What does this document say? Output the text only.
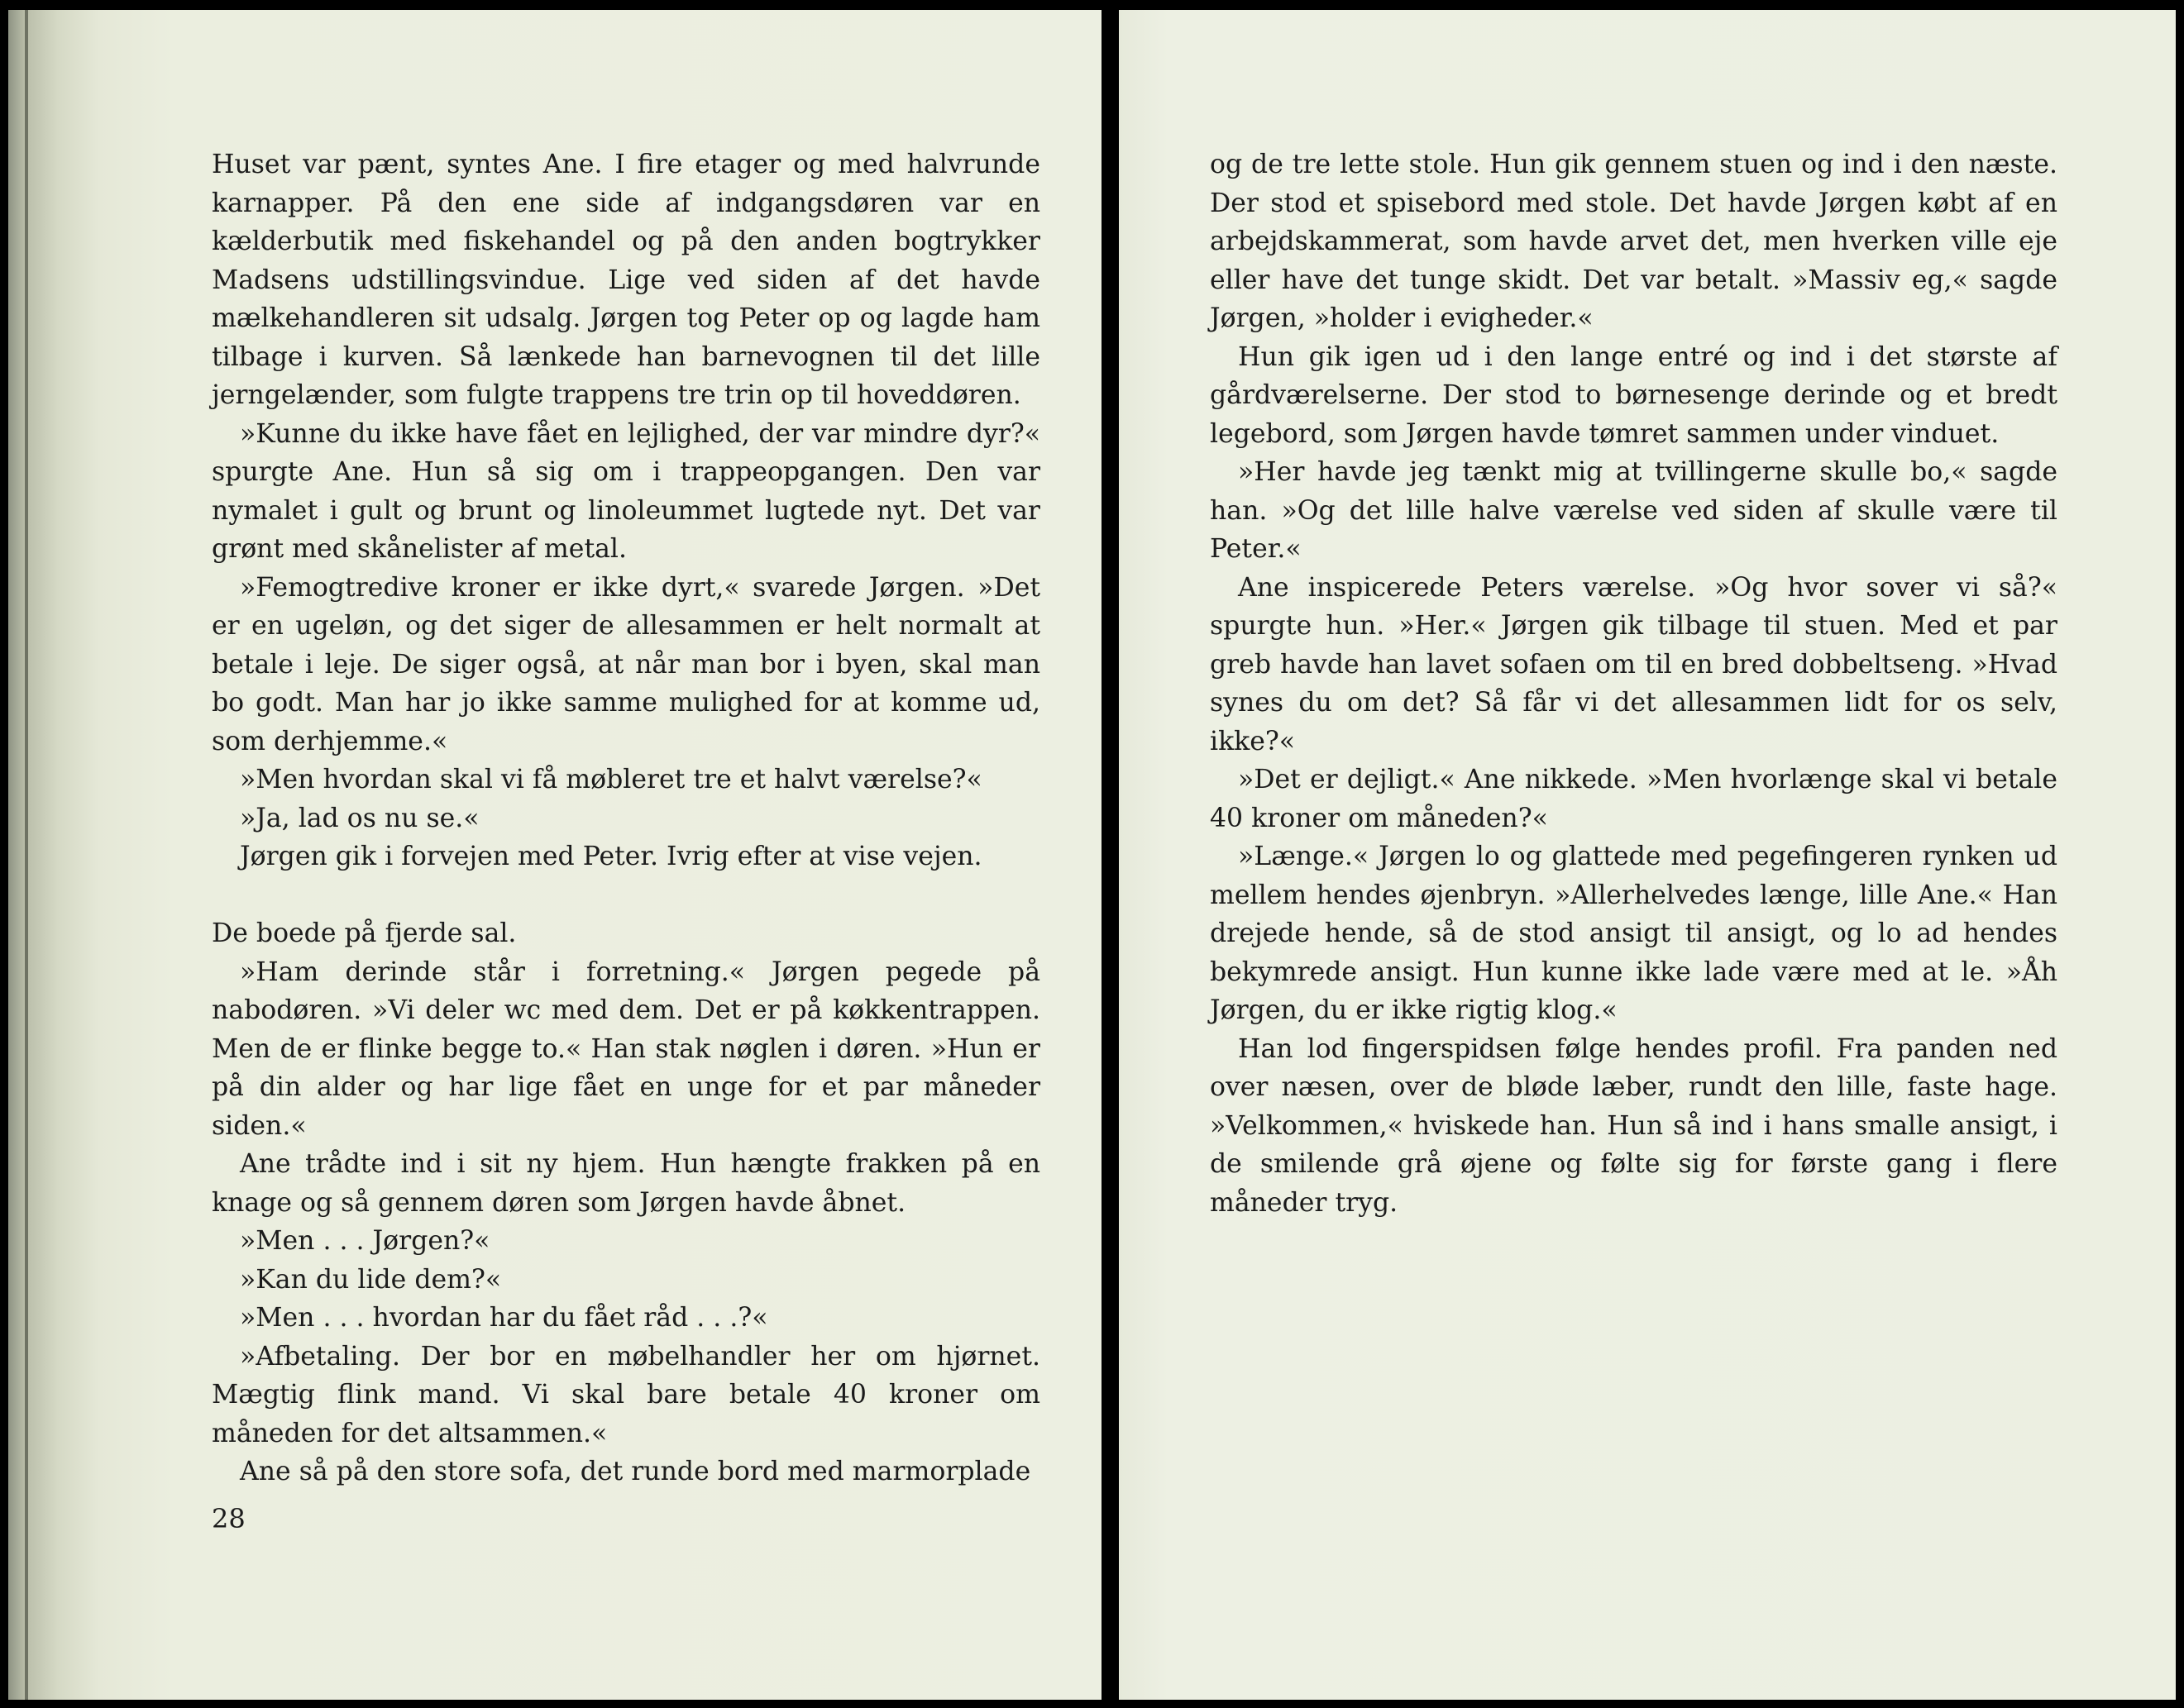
Huset var pænt, syntes Ane. I fire etager og med halvrunde karnapper. På den ene side af indgangsdøren var en kælderbutik med fiskehandel og på den anden bogtrykker Madsens udstillingsvindue. Lige ved siden af det havde mælkehandleren sit udsalg. Jørgen tog Peter op og lagde ham tilbage i kurven. Så lænkede han barnevognen til det lille jerngelænder, som fulgte trappens tre trin op til hoveddøren.

»Kunne du ikke have fået en lejlighed, der var mindre dyr?« spurgte Ane. Hun så sig om i trappeopgangen. Den var nymalet i gult og brunt og linoleummet lugtede nyt. Det var grønt med skånelister af metal.

»Femogtredive kroner er ikke dyrt,« svarede Jørgen. »Det er en ugeløn, og det siger de allesammen er helt normalt at betale i leje. De siger også, at når man bor i byen, skal man bo godt. Man har jo ikke samme mulighed for at komme ud, som derhjemme.«

»Men hvordan skal vi få møbleret tre et halvt værelse?«

»Ja, lad os nu se.«

Jørgen gik i forvejen med Peter. Ivrig efter at vise vejen.

De boede på fjerde sal.

»Ham derinde står i forretning.« Jørgen pegede på nabodøren. »Vi deler wc med dem. Det er på køkkentrappen. Men de er flinke begge to.« Han stak nøglen i døren. »Hun er på din alder og har lige fået en unge for et par måneder siden.«

Ane trådte ind i sit ny hjem. Hun hængte frakken på en knage og så gennem døren som Jørgen havde åbnet.

»Men . . . Jørgen?«

»Kan du lide dem?«

»Men . . . hvordan har du fået råd . . .?«

»Afbetaling. Der bor en møbelhandler her om hjørnet. Mægtig flink mand. Vi skal bare betale 40 kroner om måneden for det altsammen.«

Ane så på den store sofa, det runde bord med marmorplade

28

og de tre lette stole. Hun gik gennem stuen og ind i den næste. Der stod et spisebord med stole. Det havde Jørgen købt af en arbejdskammerat, som havde arvet det, men hverken ville eje eller have det tunge skidt. Det var betalt. »Massiv eg,« sagde Jørgen, »holder i evigheder.«

Hun gik igen ud i den lange entré og ind i det største af gårdværelserne. Der stod to børnesenge derinde og et bredt legebord, som Jørgen havde tømret sammen under vinduet.

»Her havde jeg tænkt mig at tvillingerne skulle bo,« sagde han. »Og det lille halve værelse ved siden af skulle være til Peter.«

Ane inspicerede Peters værelse. »Og hvor sover vi så?« spurgte hun. »Her.« Jørgen gik tilbage til stuen. Med et par greb havde han lavet sofaen om til en bred dobbeltseng. »Hvad synes du om det? Så får vi det allesammen lidt for os selv, ikke?«

»Det er dejligt.« Ane nikkede. »Men hvorlænge skal vi betale 40 kroner om måneden?«

»Længe.« Jørgen lo og glattede med pegefingeren rynken ud mellem hendes øjenbryn. »Allerhelvedes længe, lille Ane.« Han drejede hende, så de stod ansigt til ansigt, og lo ad hendes bekymrede ansigt. Hun kunne ikke lade være med at le. »Åh Jørgen, du er ikke rigtig klog.«

Han lod fingerspidsen følge hendes profil. Fra panden ned over næsen, over de bløde læber, rundt den lille, faste hage. »Velkommen,« hviskede han. Hun så ind i hans smalle ansigt, i de smilende grå øjene og følte sig for første gang i flere måneder tryg.
